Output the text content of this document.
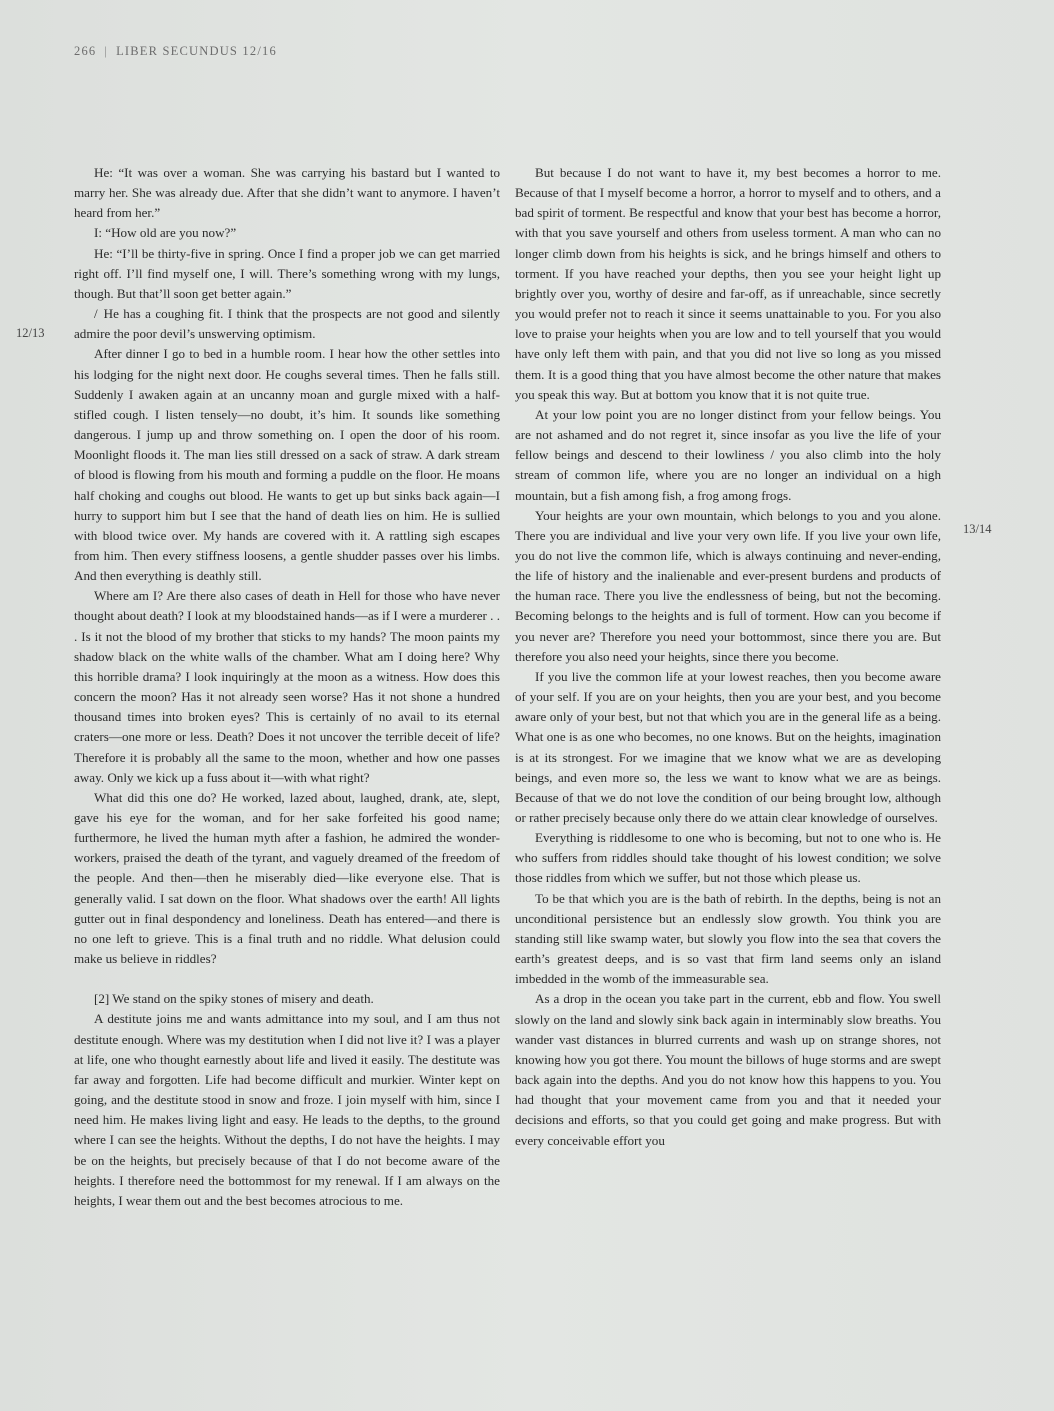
266 | LIBER SECUNDUS 12/16
12/13
13/14

He: “It was over a woman. She was carrying his bastard but I wanted to marry her. She was already due. After that she didn’t want to anymore. I haven’t heard from her.”

I: “How old are you now?”

He: “I’ll be thirty-five in spring. Once I find a proper job we can get married right off. I’ll find myself one, I will. There’s something wrong with my lungs, though. But that’ll soon get better again.”

/ He has a coughing fit. I think that the prospects are not good and silently admire the poor devil’s unswerving optimism.

After dinner I go to bed in a humble room. I hear how the other settles into his lodging for the night next door. He coughs several times. Then he falls still. Suddenly I awaken again at an uncanny moan and gurgle mixed with a half-stifled cough. I listen tensely—no doubt, it’s him. It sounds like something dangerous. I jump up and throw something on. I open the door of his room. Moonlight floods it. The man lies still dressed on a sack of straw. A dark stream of blood is flowing from his mouth and forming a puddle on the floor. He moans half choking and coughs out blood. He wants to get up but sinks back again—I hurry to support him but I see that the hand of death lies on him. He is sullied with blood twice over. My hands are covered with it. A rattling sigh escapes from him. Then every stiffness loosens, a gentle shudder passes over his limbs. And then everything is deathly still.

Where am I? Are there also cases of death in Hell for those who have never thought about death? I look at my bloodstained hands—as if I were a murderer . . . Is it not the blood of my brother that sticks to my hands? The moon paints my shadow black on the white walls of the chamber. What am I doing here? Why this horrible drama? I look inquiringly at the moon as a witness. How does this concern the moon? Has it not already seen worse? Has it not shone a hundred thousand times into broken eyes? This is certainly of no avail to its eternal craters—one more or less. Death? Does it not uncover the terrible deceit of life? Therefore it is probably all the same to the moon, whether and how one passes away. Only we kick up a fuss about it—with what right?

What did this one do? He worked, lazed about, laughed, drank, ate, slept, gave his eye for the woman, and for her sake forfeited his good name; furthermore, he lived the human myth after a fashion, he admired the wonder-workers, praised the death of the tyrant, and vaguely dreamed of the freedom of the people. And then—then he miserably died—like everyone else. That is generally valid. I sat down on the floor. What shadows over the earth! All lights gutter out in final despondency and loneliness. Death has entered—and there is no one left to grieve. This is a final truth and no riddle. What delusion could make us believe in riddles?

[2] We stand on the spiky stones of misery and death.

A destitute joins me and wants admittance into my soul, and I am thus not destitute enough. Where was my destitution when I did not live it? I was a player at life, one who thought earnestly about life and lived it easily. The destitute was far away and forgotten. Life had become difficult and murkier. Winter kept on going, and the destitute stood in snow and froze. I join myself with him, since I need him. He makes living light and easy. He leads to the depths, to the ground where I can see the heights. Without the depths, I do not have the heights. I may be on the heights, but precisely because of that I do not become aware of the heights. I therefore need the bottommost for my renewal. If I am always on the heights, I wear them out and the best becomes atrocious to me.

But because I do not want to have it, my best becomes a horror to me. Because of that I myself become a horror, a horror to myself and to others, and a bad spirit of torment. Be respectful and know that your best has become a horror, with that you save yourself and others from useless torment. A man who can no longer climb down from his heights is sick, and he brings himself and others to torment. If you have reached your depths, then you see your height light up brightly over you, worthy of desire and far-off, as if unreachable, since secretly you would prefer not to reach it since it seems unattainable to you. For you also love to praise your heights when you are low and to tell yourself that you would have only left them with pain, and that you did not live so long as you missed them. It is a good thing that you have almost become the other nature that makes you speak this way. But at bottom you know that it is not quite true.

At your low point you are no longer distinct from your fellow beings. You are not ashamed and do not regret it, since insofar as you live the life of your fellow beings and descend to their lowliness / you also climb into the holy stream of common life, where you are no longer an individual on a high mountain, but a fish among fish, a frog among frogs.

Your heights are your own mountain, which belongs to you and you alone. There you are individual and live your very own life. If you live your own life, you do not live the common life, which is always continuing and never-ending, the life of history and the inalienable and ever-present burdens and products of the human race. There you live the endlessness of being, but not the becoming. Becoming belongs to the heights and is full of torment. How can you become if you never are? Therefore you need your bottommost, since there you are. But therefore you also need your heights, since there you become.

If you live the common life at your lowest reaches, then you become aware of your self. If you are on your heights, then you are your best, and you become aware only of your best, but not that which you are in the general life as a being. What one is as one who becomes, no one knows. But on the heights, imagination is at its strongest. For we imagine that we know what we are as developing beings, and even more so, the less we want to know what we are as beings. Because of that we do not love the condition of our being brought low, although or rather precisely because only there do we attain clear knowledge of ourselves.

Everything is riddlesome to one who is becoming, but not to one who is. He who suffers from riddles should take thought of his lowest condition; we solve those riddles from which we suffer, but not those which please us.

To be that which you are is the bath of rebirth. In the depths, being is not an unconditional persistence but an endlessly slow growth. You think you are standing still like swamp water, but slowly you flow into the sea that covers the earth’s greatest deeps, and is so vast that firm land seems only an island imbedded in the womb of the immeasurable sea.

As a drop in the ocean you take part in the current, ebb and flow. You swell slowly on the land and slowly sink back again in interminably slow breaths. You wander vast distances in blurred currents and wash up on strange shores, not knowing how you got there. You mount the billows of huge storms and are swept back again into the depths. And you do not know how this happens to you. You had thought that your movement came from you and that it needed your decisions and efforts, so that you could get going and make progress. But with every conceivable effort you
